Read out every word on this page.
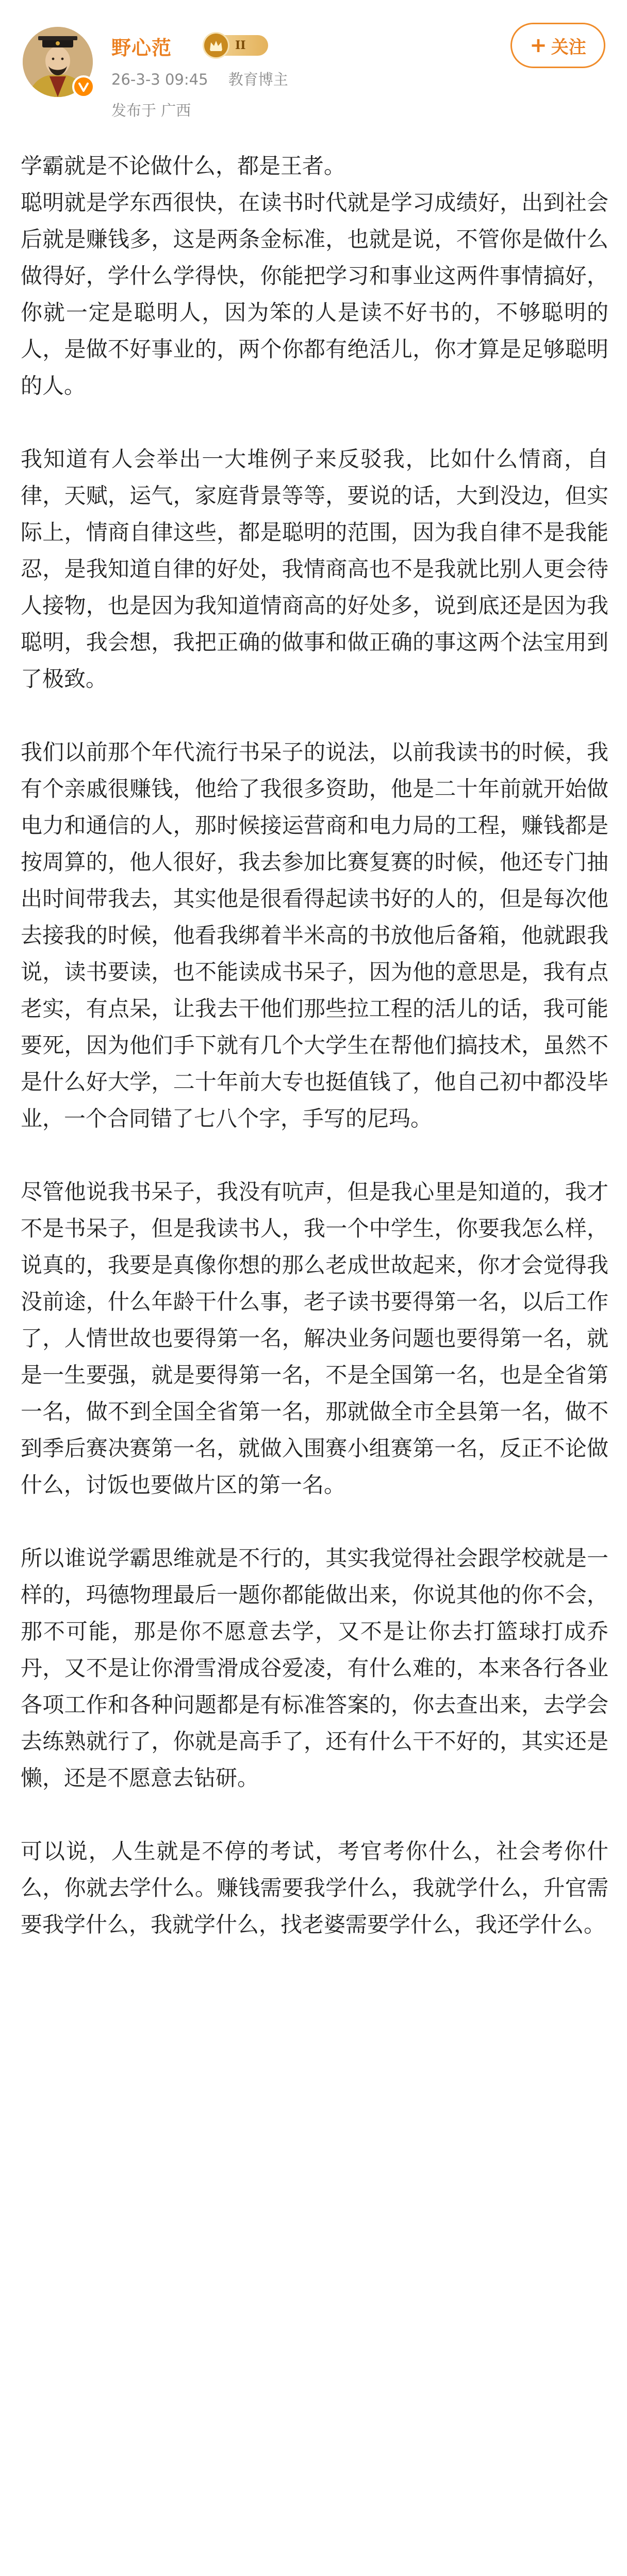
野心范	II
26-3-3 09:45 教育博主
发布于 广西
+ 关注

学霸就是不论做什么，都是王者。

聪明就是学东西很快，在读书时代就是学习成绩好，出到社会后就是赚钱多，这是两条金标准，也就是说，不管你是做什么做得好，学什么学得快，你能把学习和事业这两件事情搞好，你就一定是聪明人，因为笨的人是读不好书的，不够聪明的人，是做不好事业的，两个你都有绝活儿，你才算是足够聪明的人。

我知道有人会举出一大堆例子来反驳我，比如什么情商，自律，天赋，运气，家庭背景等等，要说的话，大到没边，但实际上，情商自律这些，都是聪明的范围，因为我自律不是我能忍，是我知道自律的好处，我情商高也不是我就比别人更会待人接物，也是因为我知道情商高的好处多，说到底还是因为我聪明，我会想，我把正确的做事和做正确的事这两个法宝用到了极致。

我们以前那个年代流行书呆子的说法，以前我读书的时候，我有个亲戚很赚钱，他给了我很多资助，他是二十年前就开始做电力和通信的人，那时候接运营商和电力局的工程，赚钱都是按周算的，他人很好，我去参加比赛复赛的时候，他还专门抽出时间带我去，其实他是很看得起读书好的人的，但是每次他去接我的时候，他看我绑着半米高的书放他后备箱，他就跟我说，读书要读，也不能读成书呆子，因为他的意思是，我有点老实，有点呆，让我去干他们那些拉工程的活儿的话，我可能要死，因为他们手下就有几个大学生在帮他们搞技术，虽然不是什么好大学，二十年前大专也挺值钱了，他自己初中都没毕业，一个合同错了七八个字，手写的尼玛。

尽管他说我书呆子，我没有吭声，但是我心里是知道的，我才不是书呆子，但是我读书人，我一个中学生，你要我怎么样，说真的，我要是真像你想的那么老成世故起来，你才会觉得我没前途，什么年龄干什么事，老子读书要得第一名，以后工作了，人情世故也要得第一名，解决业务问题也要得第一名，就是一生要强，就是要得第一名，不是全国第一名，也是全省第一名，做不到全国全省第一名，那就做全市全县第一名，做不到季后赛决赛第一名，就做入围赛小组赛第一名，反正不论做什么，讨饭也要做片区的第一名。

所以谁说学霸思维就是不行的，其实我觉得社会跟学校就是一样的，玛德物理最后一题你都能做出来，你说其他的你不会，那不可能，那是你不愿意去学，又不是让你去打篮球打成乔丹，又不是让你滑雪滑成谷爱凌，有什么难的，本来各行各业各项工作和各种问题都是有标准答案的，你去查出来，去学会去练熟就行了，你就是高手了，还有什么干不好的，其实还是懒，还是不愿意去钻研。

可以说，人生就是不停的考试，考官考你什么，社会考你什么，你就去学什么。赚钱需要我学什么，我就学什么，升官需要我学什么，我就学什么，找老婆需要学什么，我还学什么。
